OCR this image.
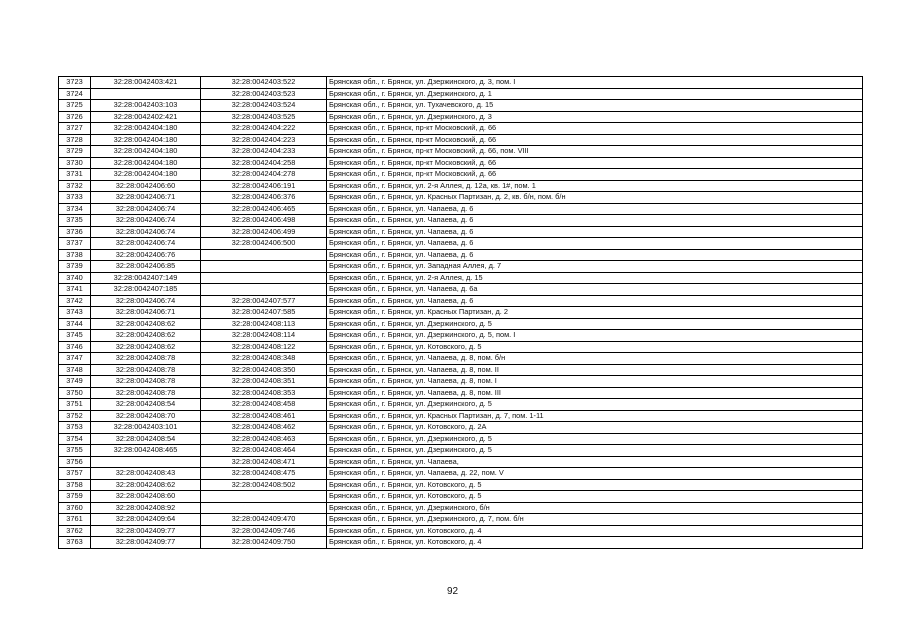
3723	32:28:0042403:421	32:28:0042403:522	Брянская обл., г. Брянск, ул. Дзержинского, д. 3, пом. I
3724		32:28:0042403:523	Брянская обл., г. Брянск, ул. Дзержинского, д. 1
3725	32:28:0042403:103	32:28:0042403:524	Брянская обл., г. Брянск, ул. Тухачевского, д. 15
3726	32:28:0042402:421	32:28:0042403:525	Брянская обл., г. Брянск, ул. Дзержинского, д. 3
3727	32:28:0042404:180	32:28:0042404:222	Брянская обл., г. Брянск, пр-кт Московский, д. 66
3728	32:28:0042404:180	32:28:0042404:223	Брянская обл., г. Брянск, пр-кт Московский, д. 66
3729	32:28:0042404:180	32:28:0042404:233	Брянская обл., г. Брянск, пр-кт Московский, д. 66, пом. VIII
3730	32:28:0042404:180	32:28:0042404:258	Брянская обл., г. Брянск, пр-кт Московский, д. 66
3731	32:28:0042404:180	32:28:0042404:278	Брянская обл., г. Брянск, пр-кт Московский, д. 66
3732	32:28:0042406:60	32:28:0042406:191	Брянская обл., г. Брянск, ул. 2-я Аллея, д. 12а, кв. 1#, пом. 1
3733	32:28:0042406:71	32:28:0042406:376	Брянская обл., г. Брянск, ул. Красных Партизан, д. 2, кв. б/н, пом. б/н
3734	32:28:0042406:74	32:28:0042406:465	Брянская обл., г. Брянск, ул. Чапаева, д. 6
3735	32:28:0042406:74	32:28:0042406:498	Брянская обл., г. Брянск, ул. Чапаева, д. 6
3736	32:28:0042406:74	32:28:0042406:499	Брянская обл., г. Брянск, ул. Чапаева, д. 6
3737	32:28:0042406:74	32:28:0042406:500	Брянская обл., г. Брянск, ул. Чапаева, д. 6
3738	32:28:0042406:76		Брянская обл., г. Брянск, ул. Чапаева, д. 6
3739	32:28:0042406:85		Брянская обл., г. Брянск, ул. Западная Аллея, д. 7
3740	32:28:0042407:149		Брянская обл., г. Брянск, ул. 2-я Аллея, д. 15
3741	32:28:0042407:185		Брянская обл., г. Брянск, ул. Чапаева, д. 6а
3742	32:28:0042406:74	32:28:0042407:577	Брянская обл., г. Брянск, ул. Чапаева, д. 6
3743	32:28:0042406:71	32:28:0042407:585	Брянская обл., г. Брянск, ул. Красных Партизан, д. 2
3744	32:28:0042408:62	32:28:0042408:113	Брянская обл., г. Брянск, ул. Дзержинского, д. 5
3745	32:28:0042408:62	32:28:0042408:114	Брянская обл., г. Брянск, ул. Дзержинского, д. 5, пом. I
3746	32:28:0042408:62	32:28:0042408:122	Брянская обл., г. Брянск, ул. Котовского, д. 5
3747	32:28:0042408:78	32:28:0042408:348	Брянская обл., г. Брянск, ул. Чапаева, д. 8, пом. б/н
3748	32:28:0042408:78	32:28:0042408:350	Брянская обл., г. Брянск, ул. Чапаева, д. 8, пом. II
3749	32:28:0042408:78	32:28:0042408:351	Брянская обл., г. Брянск, ул. Чапаева, д. 8, пом. I
3750	32:28:0042408:78	32:28:0042408:353	Брянская обл., г. Брянск, ул. Чапаева, д. 8, пом. III
3751	32:28:0042408:54	32:28:0042408:458	Брянская обл., г. Брянск, ул. Дзержинского, д. 5
3752	32:28:0042408:70	32:28:0042408:461	Брянская обл., г. Брянск, ул. Красных Партизан, д. 7, пом. 1-11
3753	32:28:0042403:101	32:28:0042408:462	Брянская обл., г. Брянск, ул. Котовского, д. 2А
3754	32:28:0042408:54	32:28:0042408:463	Брянская обл., г. Брянск, ул. Дзержинского, д. 5
3755	32:28:0042408:465	32:28:0042408:464	Брянская обл., г. Брянск, ул. Дзержинского, д. 5
3756		32:28:0042408:471	Брянская обл., г. Брянск, ул. Чапаева,
3757	32:28:0042408:43	32:28:0042408:475	Брянская обл., г. Брянск, ул. Чапаева, д. 22, пом. V
3758	32:28:0042408:62	32:28:0042408:502	Брянская обл., г. Брянск, ул. Котовского, д. 5
3759	32:28:0042408:60		Брянская обл., г. Брянск, ул. Котовского, д. 5
3760	32:28:0042408:92		Брянская обл., г. Брянск, ул. Дзержинского, б/н
3761	32:28:0042409:64	32:28:0042409:470	Брянская обл., г. Брянск, ул. Дзержинского, д. 7, пом. б/н
3762	32:28:0042409:77	32:28:0042409:746	Брянская обл., г. Брянск, ул. Котовского, д. 4
3763	32:28:0042409:77	32:28:0042409:750	Брянская обл., г. Брянск, ул. Котовского, д. 4
92
